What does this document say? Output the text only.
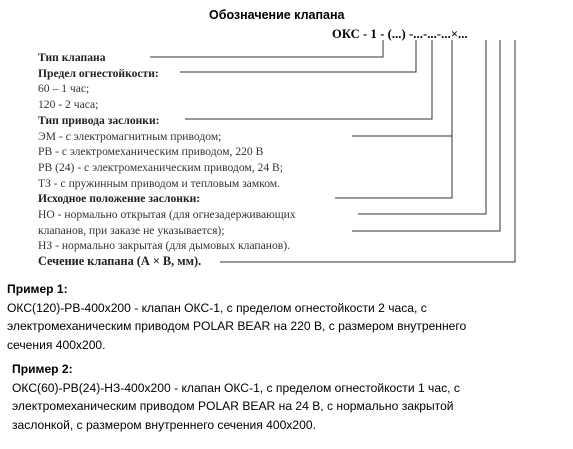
Обозначение клапана
ОКС - 1 - (...) -...-...-...×...
Тип клапана
Предел огнестойкости:
60 – 1 час;
120 - 2 часа;
Тип привода заслонки:
ЭМ - с электромагнитным приводом;
РВ - с электромеханическим приводом, 220 В
РВ (24) - с электромеханическим приводом, 24 В;
ТЗ - с пружинным приводом и тепловым замком.
Исходное положение заслонки:
НО - нормально открытая (для огнезадерживающих
клапанов, при заказе не указывается);
НЗ - нормально закрытая (для дымовых клапанов).
Сечение клапана (А × В, мм).
Пример 1:
ОКС(120)-РВ-400х200 - клапан ОКС-1, с пределом огнестойкости 2 часа, с
электромеханическим приводом POLAR BEAR на 220 В, с размером внутреннего
сечения 400х200.
Пример 2:
ОКС(60)-РВ(24)-НЗ-400х200 - клапан ОКС-1, с пределом огнестойкости 1 час, с
электромеханическим приводом POLAR BEAR на 24 В, с нормально закрытой
заслонкой, с размером внутреннего сечения 400х200.
